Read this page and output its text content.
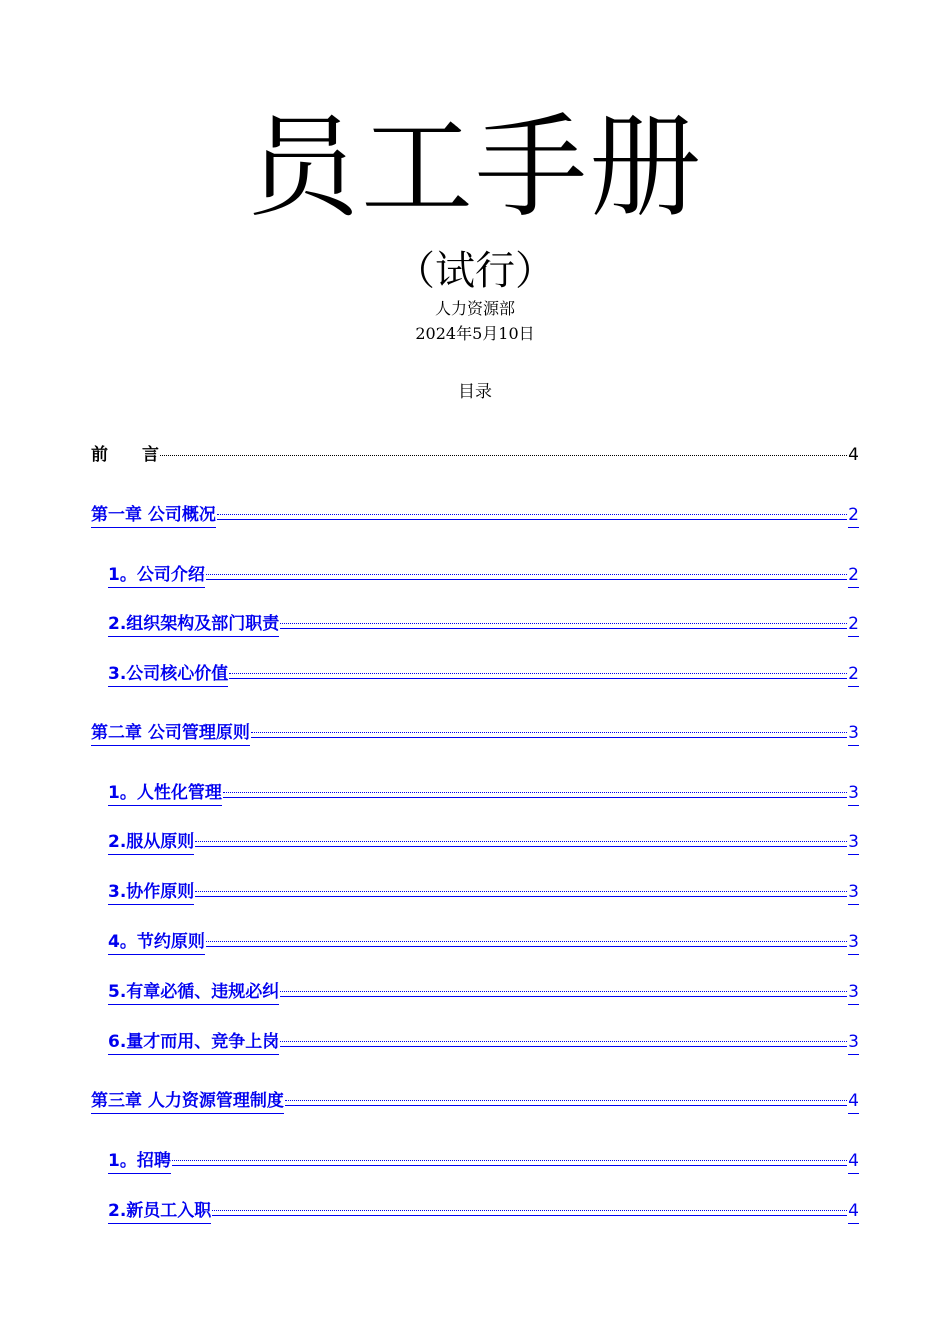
员工手册
（试行）
人力资源部
2024年5月10日
目录
前 言	4
第一章 公司概况	2
1。公司介绍	2
2.组织架构及部门职责	2
3.公司核心价值	2
第二章 公司管理原则	3
1。人性化管理	3
2.服从原则	3
3.协作原则	3
4。节约原则	3
5.有章必循、违规必纠	3
6.量才而用、竞争上岗	3
第三章 人力资源管理制度	4
1。招聘	4
2.新员工入职	4
